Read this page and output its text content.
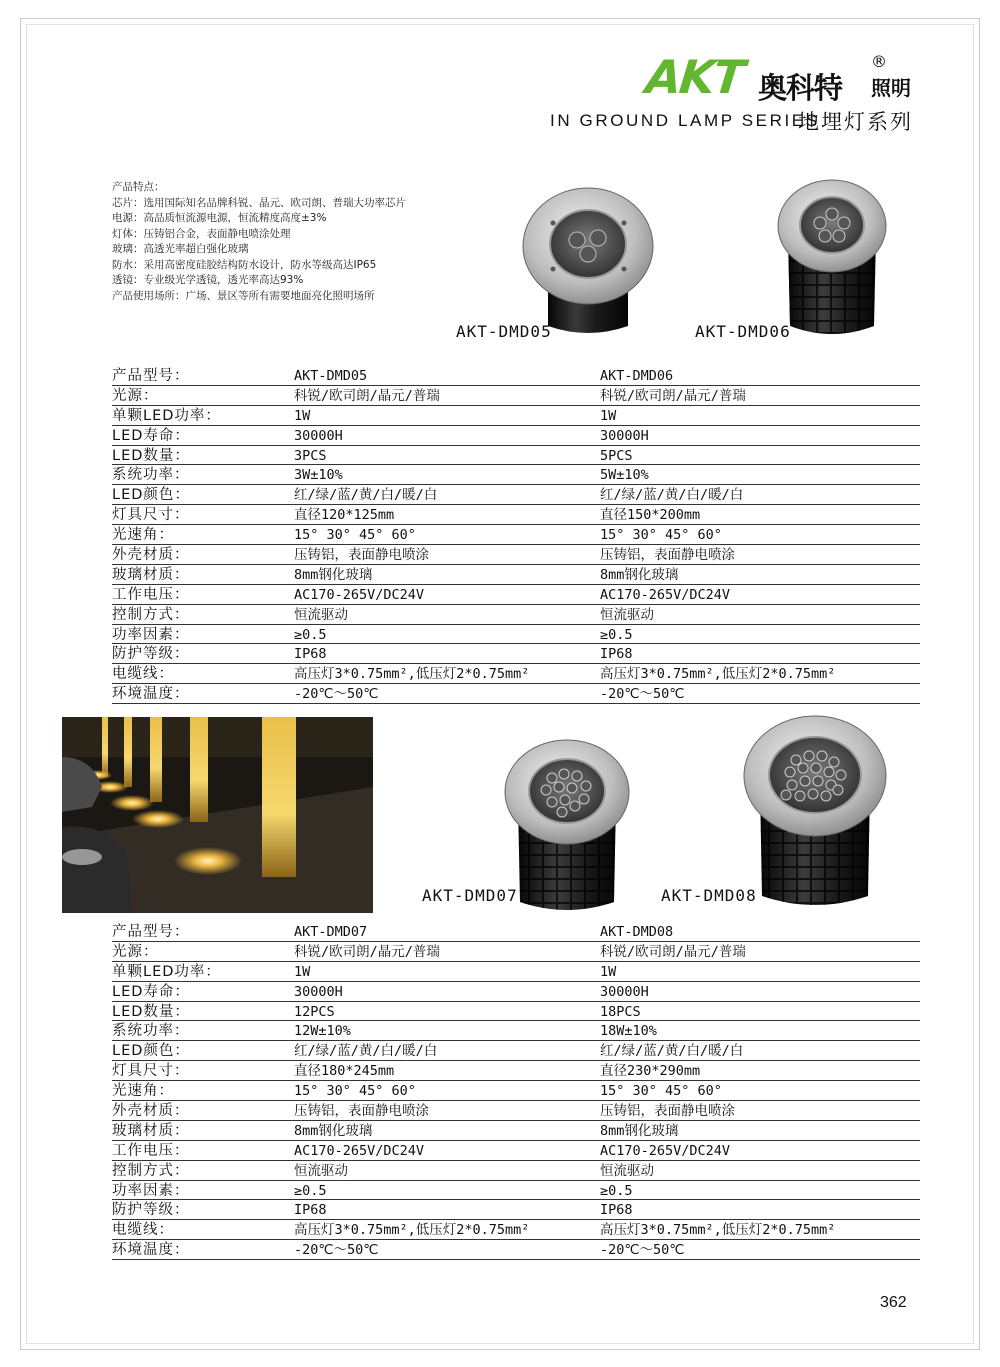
AKT 奥科特
®
照明
IN GROUND LAMP SERIES
地埋灯系列
产品特点：
芯片：选用国际知名品牌科锐、晶元、欧司朗、普瑞大功率芯片
电源：高品质恒流源电源，恒流精度高度±3%
灯体：压铸铝合金，表面静电喷涂处理
玻璃：高透光率超白强化玻璃
防水：采用高密度硅胶结构防水设计，防水等级高达IP65
透镜：专业级光学透镜，透光率高达93%
产品使用场所：广场、景区等所有需要地面亮化照明场所
AKT-DMD05	AKT-DMD06
产品型号：	AKT-DMD05	AKT-DMD06
光源：	科锐/欧司朗/晶元/普瑞	科锐/欧司朗/晶元/普瑞
单颗LED功率：	1W	1W
LED寿命：	30000H	30000H
LED数量：	3PCS	5PCS
系统功率：	3W±10%	5W±10%
LED颜色：	红/绿/蓝/黄/白/暖/白	红/绿/蓝/黄/白/暖/白
灯具尺寸：	直径120*125mm	直径150*200mm
光速角：	15° 30° 45° 60°	15° 30° 45° 60°
外壳材质：	压铸铝，表面静电喷涂	压铸铝，表面静电喷涂
玻璃材质：	8mm钢化玻璃	8mm钢化玻璃
工作电压：	AC170-265V/DC24V	AC170-265V/DC24V
控制方式：	恒流驱动	恒流驱动
功率因素：	≥0.5	≥0.5
防护等级：	IP68	IP68
电缆线：	高压灯3*0.75mm²,低压灯2*0.75mm²	高压灯3*0.75mm²,低压灯2*0.75mm²
环境温度：	-20℃～50℃	-20℃～50℃
AKT-DMD07	AKT-DMD08
产品型号：	AKT-DMD07	AKT-DMD08
光源：	科锐/欧司朗/晶元/普瑞	科锐/欧司朗/晶元/普瑞
单颗LED功率：	1W	1W
LED寿命：	30000H	30000H
LED数量：	12PCS	18PCS
系统功率：	12W±10%	18W±10%
LED颜色：	红/绿/蓝/黄/白/暖/白	红/绿/蓝/黄/白/暖/白
灯具尺寸：	直径180*245mm	直径230*290mm
光速角：	15° 30° 45° 60°	15° 30° 45° 60°
外壳材质：	压铸铝，表面静电喷涂	压铸铝，表面静电喷涂
玻璃材质：	8mm钢化玻璃	8mm钢化玻璃
工作电压：	AC170-265V/DC24V	AC170-265V/DC24V
控制方式：	恒流驱动	恒流驱动
功率因素：	≥0.5	≥0.5
防护等级：	IP68	IP68
电缆线：	高压灯3*0.75mm²,低压灯2*0.75mm²	高压灯3*0.75mm²,低压灯2*0.75mm²
环境温度：	-20℃～50℃	-20℃～50℃
362
